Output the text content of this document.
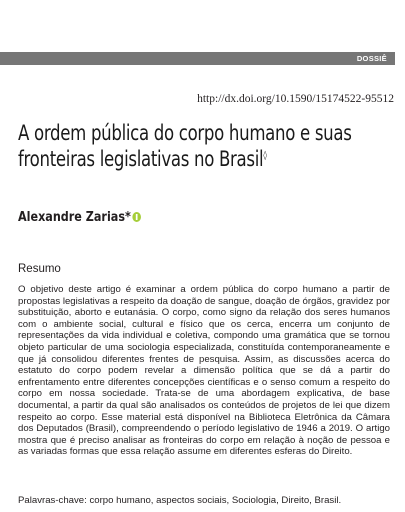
DOSSIÊ
http://dx.doi.org/10.1590/15174522-95512
A ordem pública do corpo humano e suas fronteiras legislativas no Brasil◊
Alexandre Zarias*
Resumo

O objetivo deste artigo é examinar a ordem pública do corpo humano a partir de propostas legislativas a respeito da doação de sangue, doação de órgãos, gravidez por substituição, aborto e eutanásia. O corpo, como signo da relação dos seres humanos com o ambiente social, cultural e físico que os cerca, encerra um conjunto de representações da vida individual e coletiva, compondo uma gramática que se tornou objeto particular de uma sociologia especializada, constituída contemporaneamente e que já consolidou diferentes frentes de pesquisa. Assim, as discussões acerca do estatuto do corpo podem revelar a dimensão política que se dá a partir do enfrentamento entre diferentes concepções científicas e o senso comum a respeito do corpo em nossa sociedade. Trata-se de uma abordagem explicativa, de base documental, a partir da qual são analisados os conteúdos de projetos de lei que dizem respeito ao corpo. Esse material está disponível na Biblioteca Eletrônica da Câmara dos Deputados (Brasil), compreendendo o período legislativo de 1946 a 2019. O artigo mostra que é preciso analisar as fronteiras do corpo em relação à noção de pessoa e as variadas formas que essa relação assume em diferentes esferas do Direito.

Palavras-chave: corpo humano, aspectos sociais, Sociologia, Direito, Brasil.
